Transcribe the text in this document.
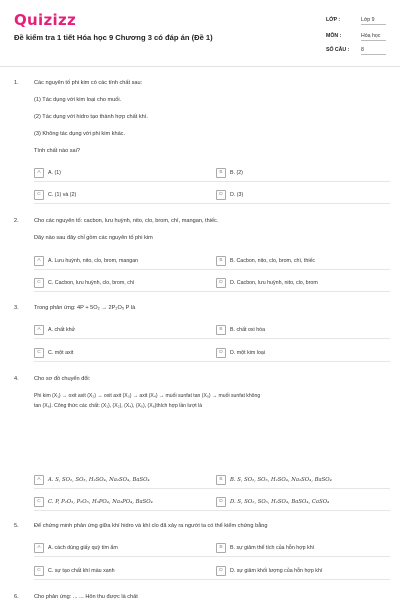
Quizizz
Đề kiểm tra 1 tiết Hóa học 9 Chương 3 có đáp án (Đề 1)
LỚP :	Lớp 9
MÔN :	Hóa học
SỐ CÂU : 8
1.	Các nguyên tố phi kim có các tính chất sau:
(1) Tác dụng với kim loại cho muối.
(2) Tác dụng với hidro tạo thành hợp chất khí.
(3) Không tác dụng với phi kim khác.
Tính chất nào sai?
A	A. (1)	B	B. (2)
C	C. (1) và (2)	D	D. (3)
2.	Cho các nguyên tố: cacbon, lưu huỳnh, nito, clo, brom, chì, mangan, thiếc.
Dãy nào sau đây chỉ gồm các nguyên tố phi kim
A	A. Lưu huỳnh, nito, clo, brom, mangan	B	B. Cacbon, nito, clo, brom, chì, thiếc
C	C. Cacbon, lưu huỳnh, clo, brom, chì	D	D. Cacbon, lưu huỳnh, nito, clo, brom
3.	Trong phản ứng: 4P + 5O₂ → 2P₂O₅ P là
A	A. chất khử	B	B. chất oxi hóa
C	C. một axit	D	D. một kim loại
4.	Cho sơ đồ chuyển đổi:
Phi kim (X₁) → oxit axit (X₂) → oxit axit (X₃) → axit (X₄) → muối sunfat tan (X₅) → muối sunfat không
tan (X₆). Công thức các chất: (X₁), (X₂), (X₄), (X₅), (X₆)thích hợp lần lượt là
A	A. S, SO₂, SO₃, H₂SO₄, Na₂SO₄, BaSO₄	B	B. S, SO₂, SO₃, H₂SO₄, Na₂SO₄, BaSO₄
C	C. P, P₂O₃, P₂O₅, H₃PO₄, Na₃PO₄, BaSO₄	D	D. S, SO₂, SO₃, H₂SO₄, BaSO₄, CaSO₄
5.	Để chứng minh phản ứng giữa khí hidro và khí clo đã xảy ra người ta có thể kiểm chứng bằng
A	A. cách dùng giấy quỳ tím ẩm	B	B. sự giảm thể tích của hỗn hợp khí
C	C. sự tạo chất khí màu xanh	D	D. sự giảm khối lượng của hỗn hợp khí
6.	Cho phản ứng: ... ... Hỗn thu được là chất
